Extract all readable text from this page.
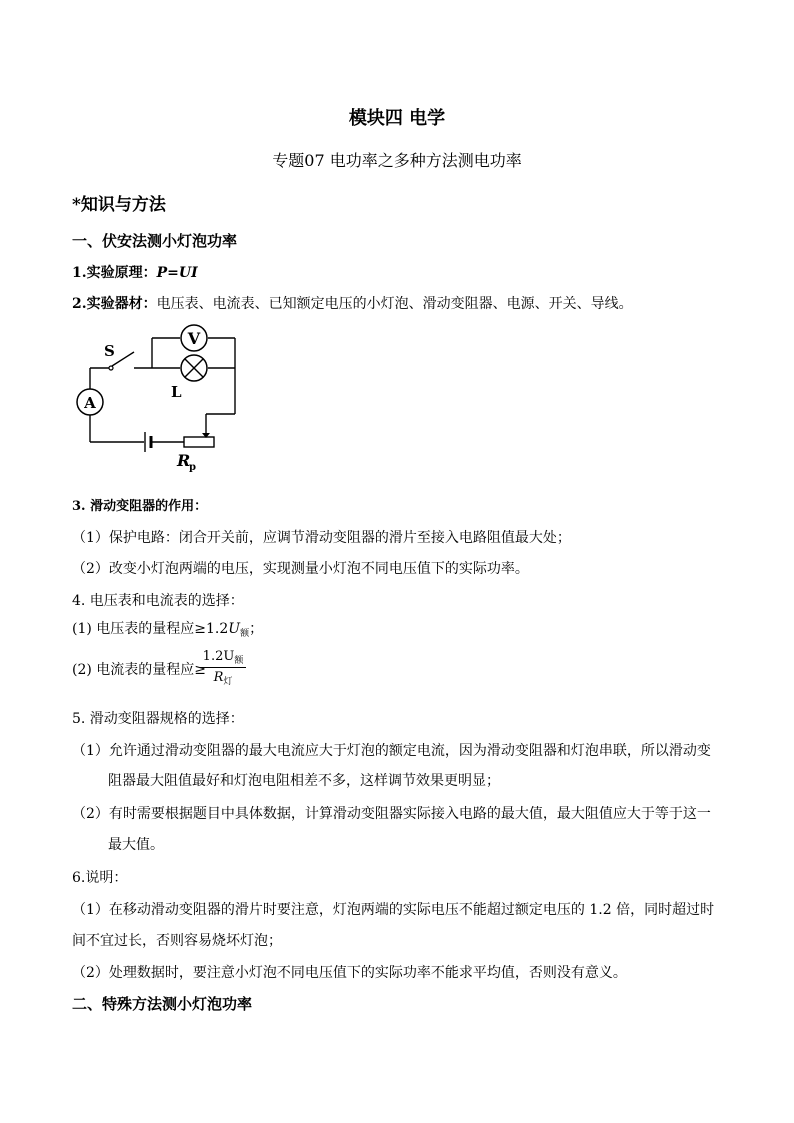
模块四 电学
专题07 电功率之多种方法测电功率
*知识与方法
一、伏安法测小灯泡功率
1.实验原理：P=UI
2.实验器材：电压表、电流表、已知额定电压的小灯泡、滑动变阻器、电源、开关、导线。
V
A
S
L
R
p
3. 滑动变阻器的作用：
（1）保护电路：闭合开关前，应调节滑动变阻器的滑片至接入电路阻值最大处；
（2）改变小灯泡两端的电压，实现测量小灯泡不同电压值下的实际功率。
4. 电压表和电流表的选择：
(1) 电压表的量程应$\ge 1.2U_额$；
(2) 电流表的量程应≥
$1.2U_额$
$R_灯$
5. 滑动变阻器规格的选择：
（1）允许通过滑动变阻器的最大电流应大于灯泡的额定电流，因为滑动变阻器和灯泡串联，所以滑动变
阻器最大阻值最好和灯泡电阻相差不多，这样调节效果更明显；
（2）有时需要根据题目中具体数据，计算滑动变阻器实际接入电路的最大值，最大阻值应大于等于这一
最大值。
6.说明：
（1）在移动滑动变阻器的滑片时要注意，灯泡两端的实际电压不能超过额定电压的 1.2 倍，同时超过时
间不宜过长，否则容易烧坏灯泡；
（2）处理数据时，要注意小灯泡不同电压值下的实际功率不能求平均值，否则没有意义。
二、特殊方法测小灯泡功率
